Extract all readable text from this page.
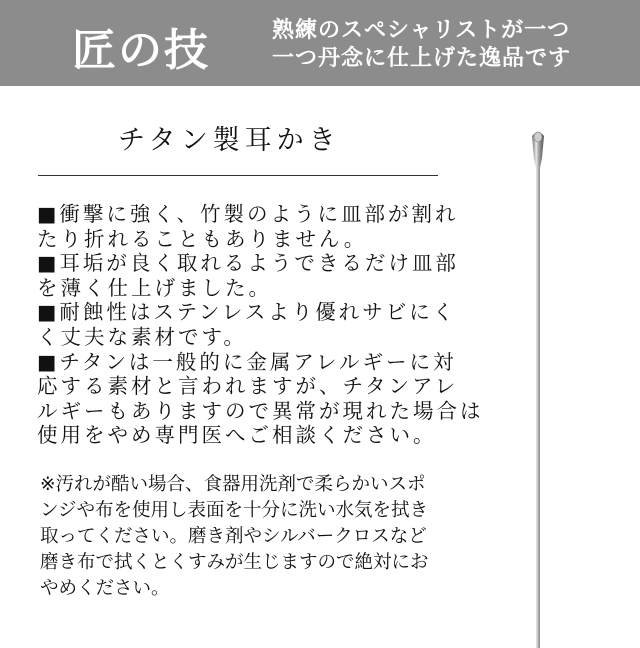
匠の技	熟練のスペシャリストが一つ
一つ丹念に仕上げた逸品です
チタン製耳かき
■衝撃に強く、竹製のように皿部が割れ
たり折れることもありません。
■耳垢が良く取れるようできるだけ皿部
を薄く仕上げました。
■耐蝕性はステンレスより優れサビにく
く丈夫な素材です。
■チタンは一般的に金属アレルギーに対
応する素材と言われますが、チタンアレ
ルギーもありますので異常が現れた場合は
使用をやめ専門医へご相談ください。
※汚れが酷い場合、食器用洗剤で柔らかいスポ
ンジや布を使用し表面を十分に洗い水気を拭き
取ってください。磨き剤やシルバークロスなど
磨き布で拭くとくすみが生じますので絶対にお
やめください。
